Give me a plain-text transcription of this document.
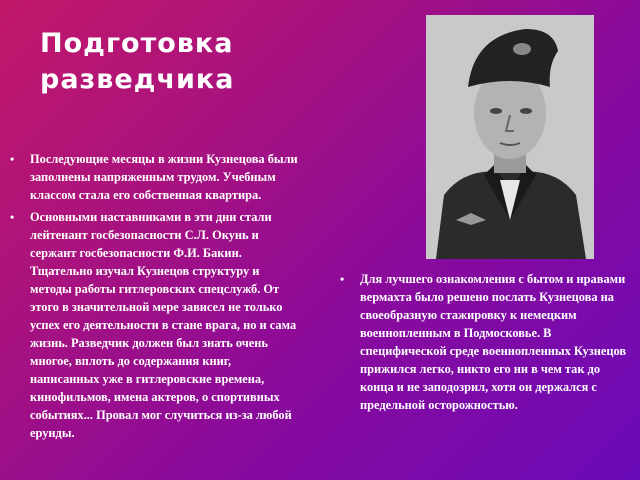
Подготовка разведчика
• Последующие месяцы в жизни Кузнецова были заполнены напряженным трудом. Учебным классом стала его собственная квартира.
• Основными наставниками в эти дни стали лейтенант госбезопасности С.Л. Окунь и сержант госбезопасности Ф.И. Бакин. Тщательно изучал Кузнецов структуру и методы работы гитлеровских спецслужб. От этого в значительной мере зависел не только успех его деятельности в стане врага, но и сама жизнь. Разведчик должен был знать очень многое, вплоть до содержания книг, написанных уже в гитлеровские времена, кинофильмов, имена актеров, о спортивных событиях... Провал мог случиться из-за любой ерунды.
• Для лучшего ознакомления с бытом и нравами вермахта было решено послать Кузнецова на своеобразную стажировку к немецким военнопленным в Подмосковье. В специфической среде военнопленных Кузнецов прижился легко, никто его ни в чем так до конца и не заподозрил, хотя он держался с предельной осторожностью.
